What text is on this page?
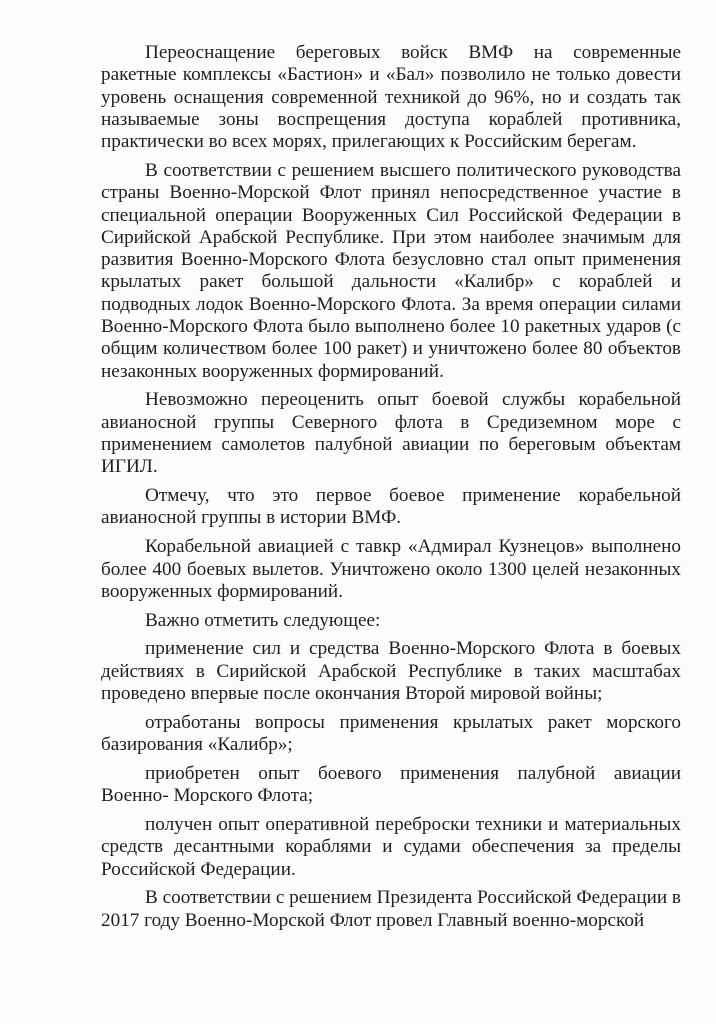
Переоснащение береговых войск ВМФ на современные ракетные комплексы «Бастион» и «Бал» позволило не только довести уровень оснащения современной техникой до 96%, но и создать так называемые зоны воспрещения доступа кораблей противника, практически во всех морях, прилегающих к Российским берегам.

В соответствии с решением высшего политического руководства страны Военно-Морской Флот принял непосредственное участие в специальной операции Вооруженных Сил Российской Федерации в Сирийской Арабской Республике. При этом наиболее значимым для развития Военно-Морского Флота безусловно стал опыт применения крылатых ракет большой дальности «Калибр» с кораблей и подводных лодок Военно-Морского Флота. За время операции силами Военно-Морского Флота было выполнено более 10 ракетных ударов (с общим количеством более 100 ракет) и уничтожено более 80 объектов незаконных вооруженных формирований.

Невозможно переоценить опыт боевой службы корабельной авианосной группы Северного флота в Средиземном море с применением самолетов палубной авиации по береговым объектам ИГИЛ.

Отмечу, что это первое боевое применение корабельной авианосной группы в истории ВМФ.

Корабельной авиацией с тавкр «Адмирал Кузнецов» выполнено более 400 боевых вылетов. Уничтожено около 1300 целей незаконных вооруженных формирований.

Важно отметить следующее:

применение сил и средства Военно-Морского Флота в боевых действиях в Сирийской Арабской Республике в таких масштабах проведено впервые после окончания Второй мировой войны;

отработаны вопросы применения крылатых ракет морского базирования «Калибр»;

приобретен опыт боевого применения палубной авиации Военно- Морского Флота;

получен опыт оперативной переброски техники и материальных средств десантными кораблями и судами обеспечения за пределы Российской Федерации.

В соответствии с решением Президента Российской Федерации в 2017 году Военно-Морской Флот провел Главный военно-морской
